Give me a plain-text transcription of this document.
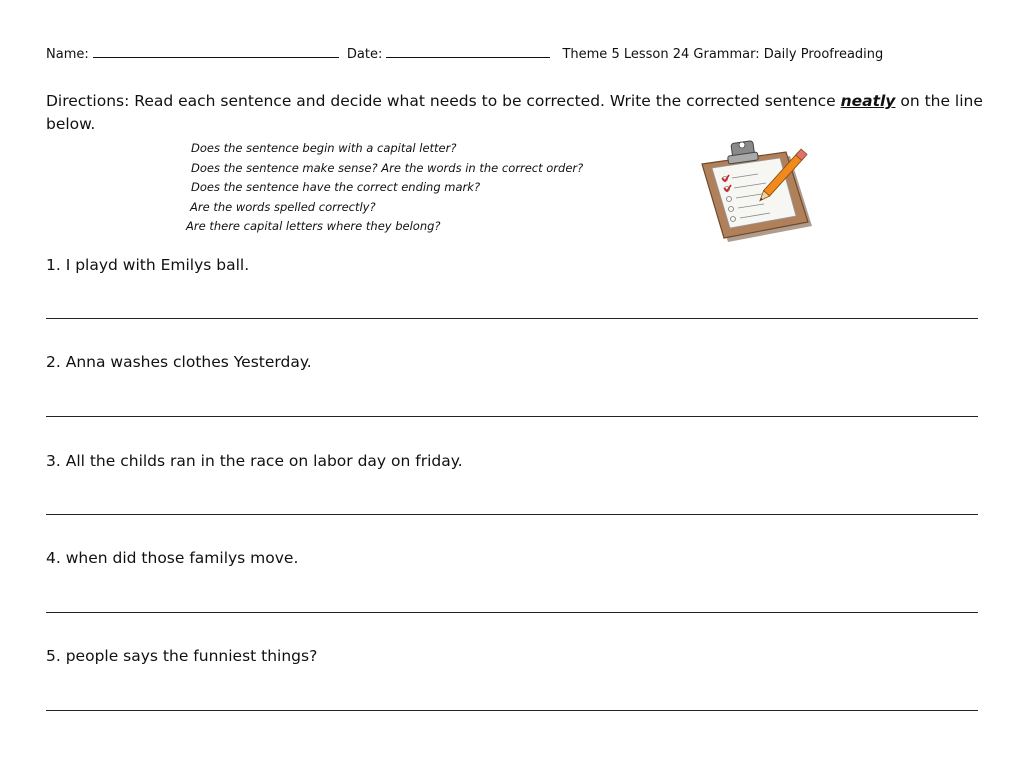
Name:	Date:	Theme 5 Lesson 24 Grammar: Daily Proofreading
Directions: Read each sentence and decide what needs to be corrected. Write the corrected sentence neatly on the line below.
Does the sentence begin with a capital letter?
Does the sentence make sense? Are the words in the correct order?
Does the sentence have the correct ending mark?
Are the words spelled correctly?
Are there capital letters where they belong?
1. I playd with Emilys ball.
2. Anna washes clothes Yesterday.
3. All the childs ran in the race on labor day on friday.
4. when did those familys move.
5. people says the funniest things?
